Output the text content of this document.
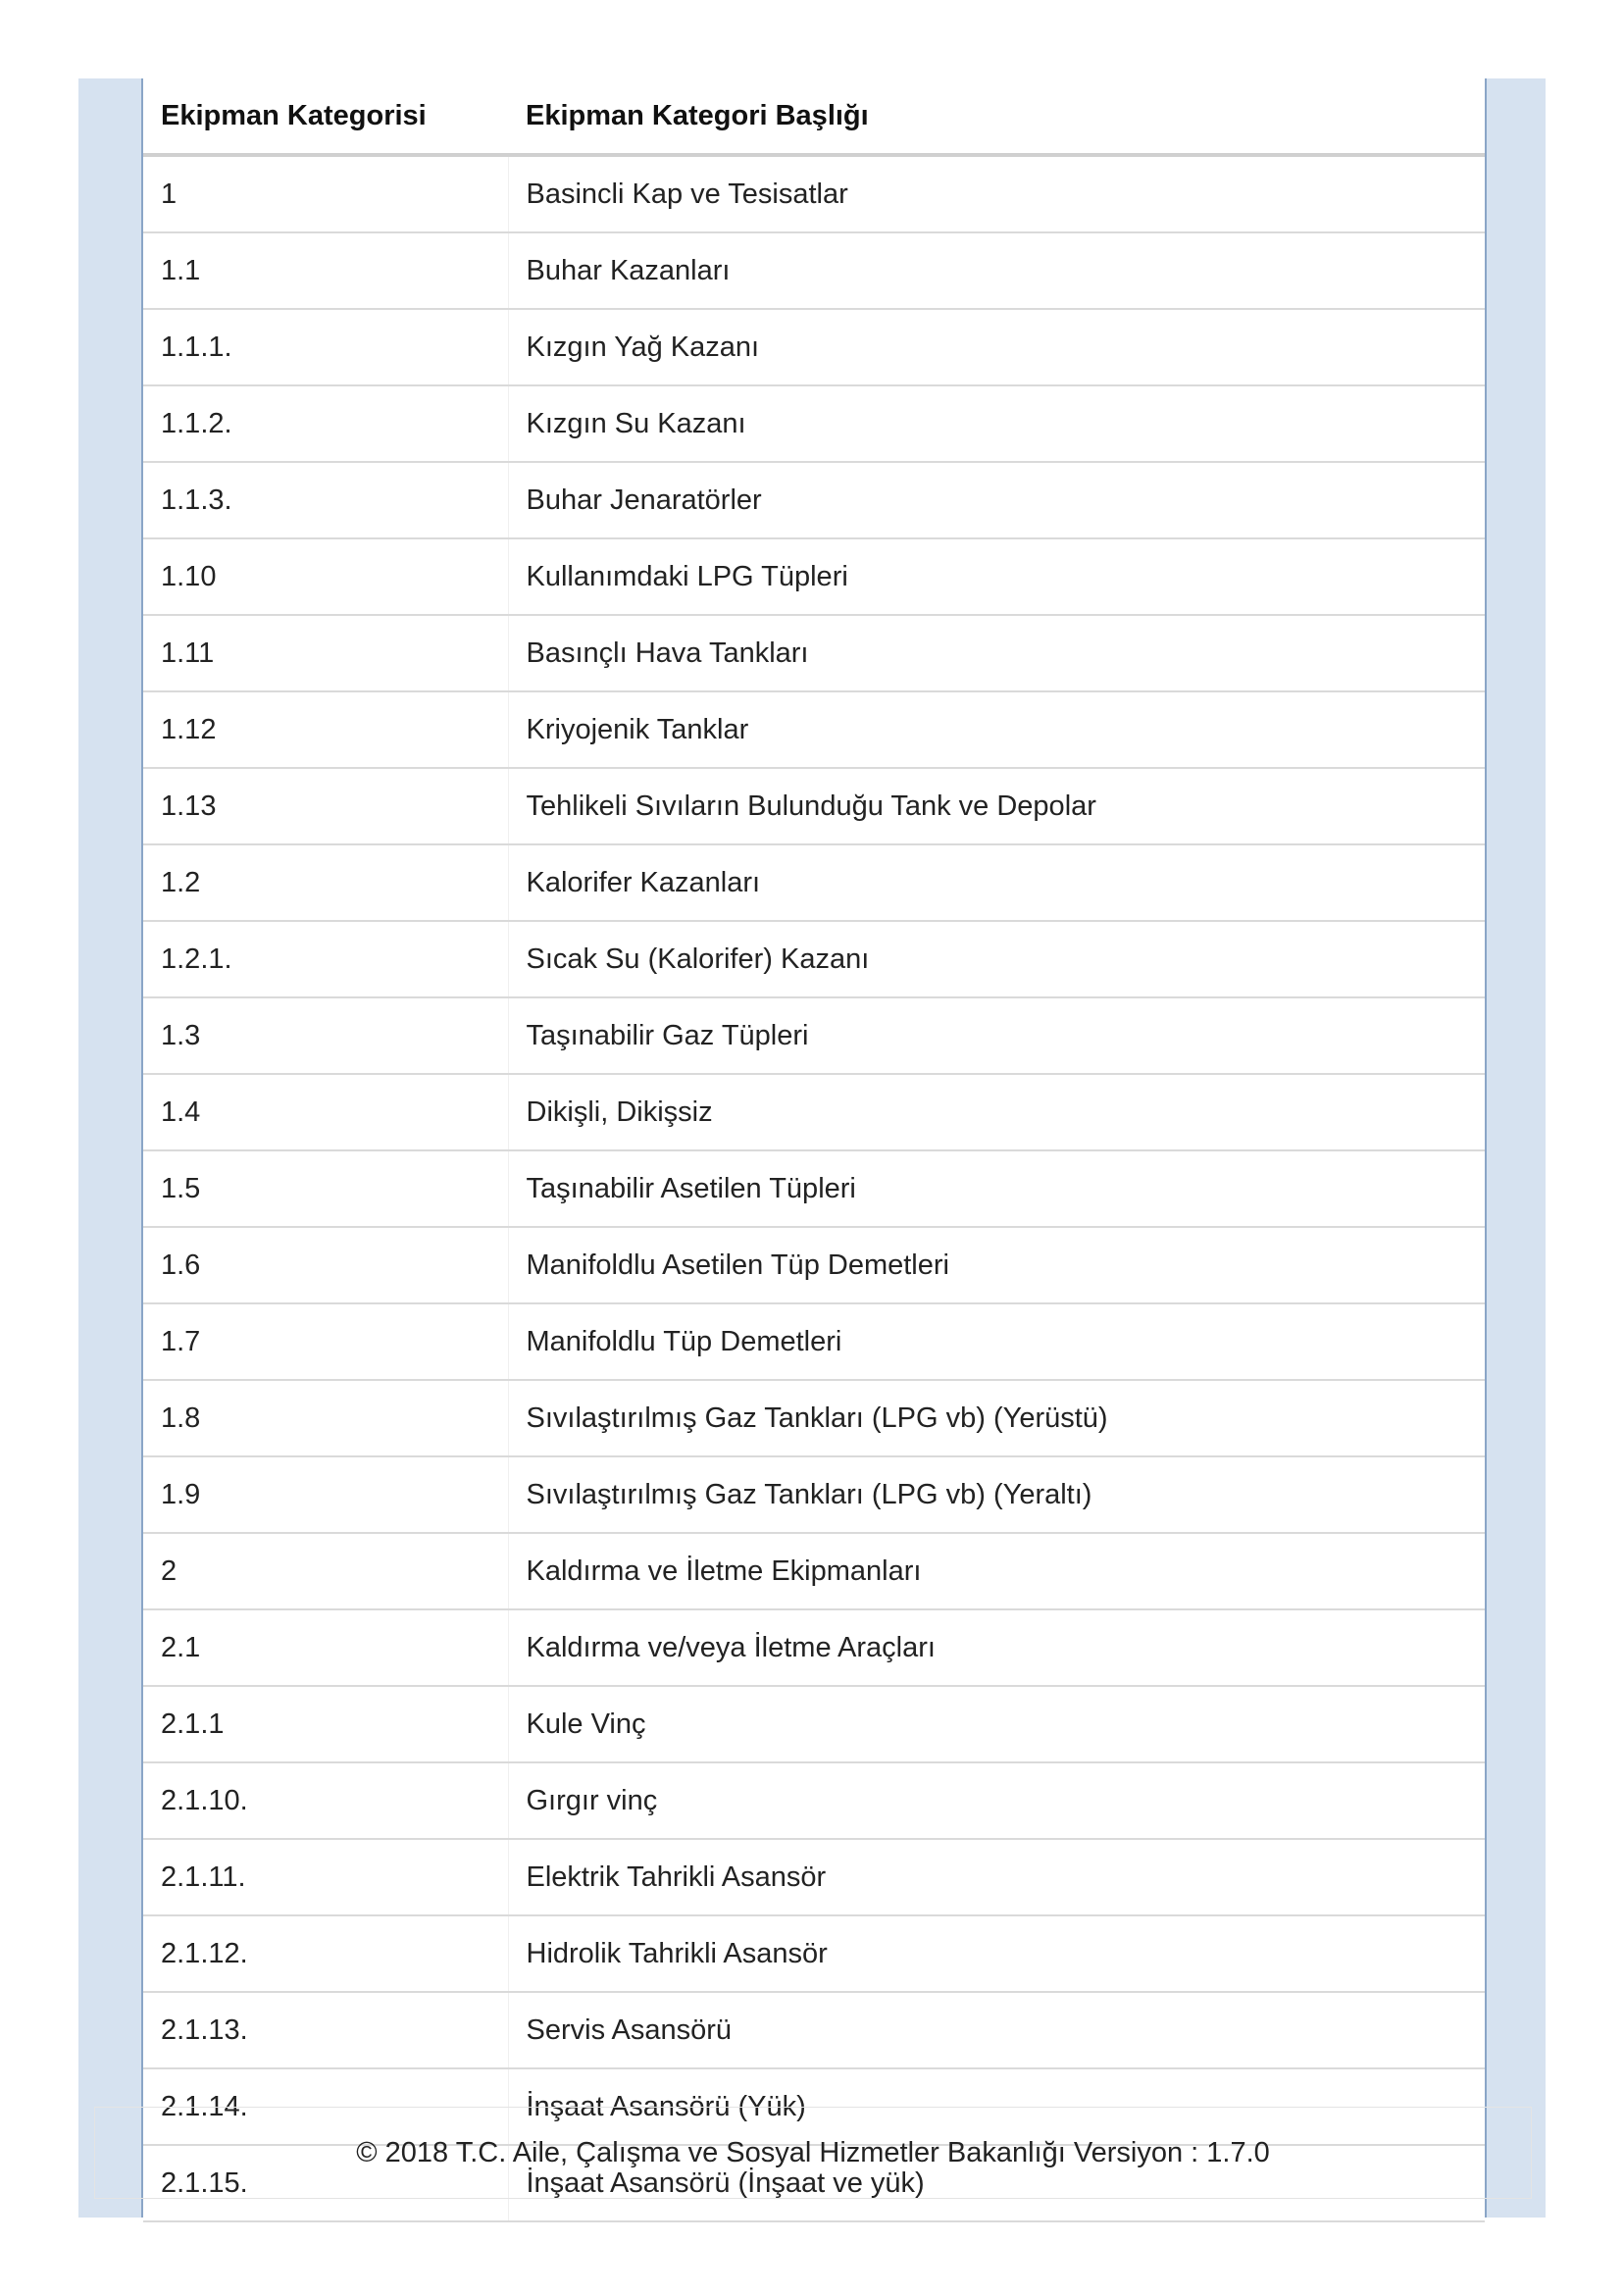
Ekipman Kategorisi	Ekipman Kategori Başlığı
1	Basincli Kap ve Tesisatlar
1.1	Buhar Kazanları
1.1.1.	Kızgın Yağ Kazanı
1.1.2.	Kızgın Su Kazanı
1.1.3.	Buhar Jenaratörler
1.10	Kullanımdaki LPG Tüpleri
1.11	Basınçlı Hava Tankları
1.12	Kriyojenik Tanklar
1.13	Tehlikeli Sıvıların Bulunduğu Tank ve Depolar
1.2	Kalorifer Kazanları
1.2.1.	Sıcak Su (Kalorifer) Kazanı
1.3	Taşınabilir Gaz Tüpleri
1.4	Dikişli, Dikişsiz
1.5	Taşınabilir Asetilen Tüpleri
1.6	Manifoldlu Asetilen Tüp Demetleri
1.7	Manifoldlu Tüp Demetleri
1.8	Sıvılaştırılmış Gaz Tankları (LPG vb) (Yerüstü)
1.9	Sıvılaştırılmış Gaz Tankları (LPG vb) (Yeraltı)
2	Kaldırma ve İletme Ekipmanları
2.1	Kaldırma ve/veya İletme Araçları
2.1.1	Kule Vinç
2.1.10.	Gırgır vinç
2.1.11.	Elektrik Tahrikli Asansör
2.1.12.	Hidrolik Tahrikli Asansör
2.1.13.	Servis Asansörü
2.1.14.	İnşaat Asansörü (Yük)
2.1.15.	İnşaat Asansörü (İnşaat ve yük)
© 2018 T.C. Aile, Çalışma ve Sosyal Hizmetler Bakanlığı Versiyon : 1.7.0
